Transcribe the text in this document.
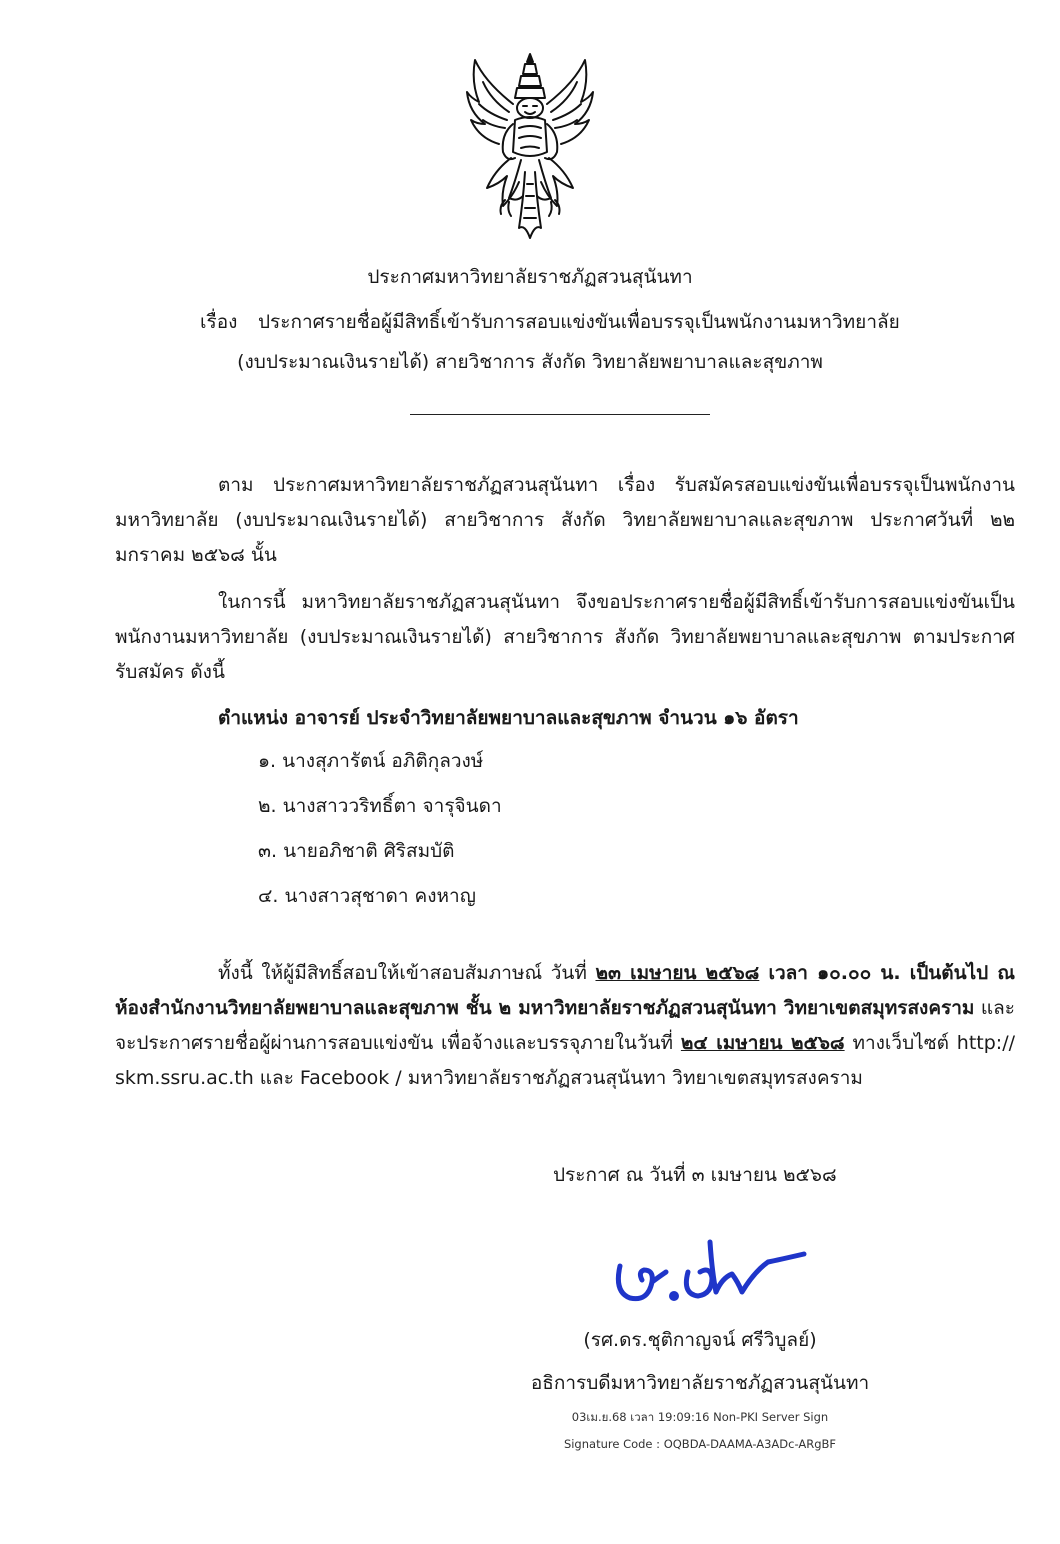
ประกาศมหาวิทยาลัยราชภัฏสวนสุนันทา
เรื่อง ประกาศรายชื่อผู้มีสิทธิ์เข้ารับการสอบแข่งขันเพื่อบรรจุเป็นพนักงานมหาวิทยาลัย
(งบประมาณเงินรายได้) สายวิชาการ สังกัด วิทยาลัยพยาบาลและสุขภาพ
ตาม ประกาศมหาวิทยาลัยราชภัฏสวนสุนันทา เรื่อง รับสมัครสอบแข่งขันเพื่อบรรจุเป็นพนักงาน
มหาวิทยาลัย (งบประมาณเงินรายได้) สายวิชาการ สังกัด วิทยาลัยพยาบาลและสุขภาพ ประกาศวันที่ ๒๒
มกราคม ๒๕๖๘ นั้น
ในการนี้ มหาวิทยาลัยราชภัฏสวนสุนันทา จึงขอประกาศรายชื่อผู้มีสิทธิ์เข้ารับการสอบแข่งขันเป็น
พนักงานมหาวิทยาลัย (งบประมาณเงินรายได้) สายวิชาการ สังกัด วิทยาลัยพยาบาลและสุขภาพ ตามประกาศ
รับสมัคร ดังนี้
ตำแหน่ง อาจารย์ ประจำวิทยาลัยพยาบาลและสุขภาพ จำนวน ๑๖ อัตรา
๑. นางสุภารัตน์ อภิติกุลวงษ์
๒. นางสาววริทธิ์ตา จารุจินดา
๓. นายอภิชาติ ศิริสมบัติ
๔. นางสาวสุชาดา คงหาญ
ทั้งนี้ ให้ผู้มีสิทธิ์สอบให้เข้าสอบสัมภาษณ์ วันที่ ๒๓ เมษายน ๒๕๖๘ เวลา ๑๐.๐๐ น. เป็นต้นไป ณ
ห้องสำนักงานวิทยาลัยพยาบาลและสุขภาพ ชั้น ๒ มหาวิทยาลัยราชภัฏสวนสุนันทา วิทยาเขตสมุทรสงคราม และ
จะประกาศรายชื่อผู้ผ่านการสอบแข่งขัน เพื่อจ้างและบรรจุภายในวันที่ ๒๔ เมษายน ๒๕๖๘ ทางเว็บไซต์ http://
skm.ssru.ac.th และ Facebook / มหาวิทยาลัยราชภัฏสวนสุนันทา วิทยาเขตสมุทรสงคราม
ประกาศ ณ วันที่ ๓ เมษายน ๒๕๖๘
(รศ.ดร.ชุติกาญจน์ ศรีวิบูลย์)
อธิการบดีมหาวิทยาลัยราชภัฏสวนสุนันทา
03เม.ย.68 เวลา 19:09:16 Non-PKI Server Sign
Signature Code : OQBDA-DAAMA-A3ADc-ARgBF
